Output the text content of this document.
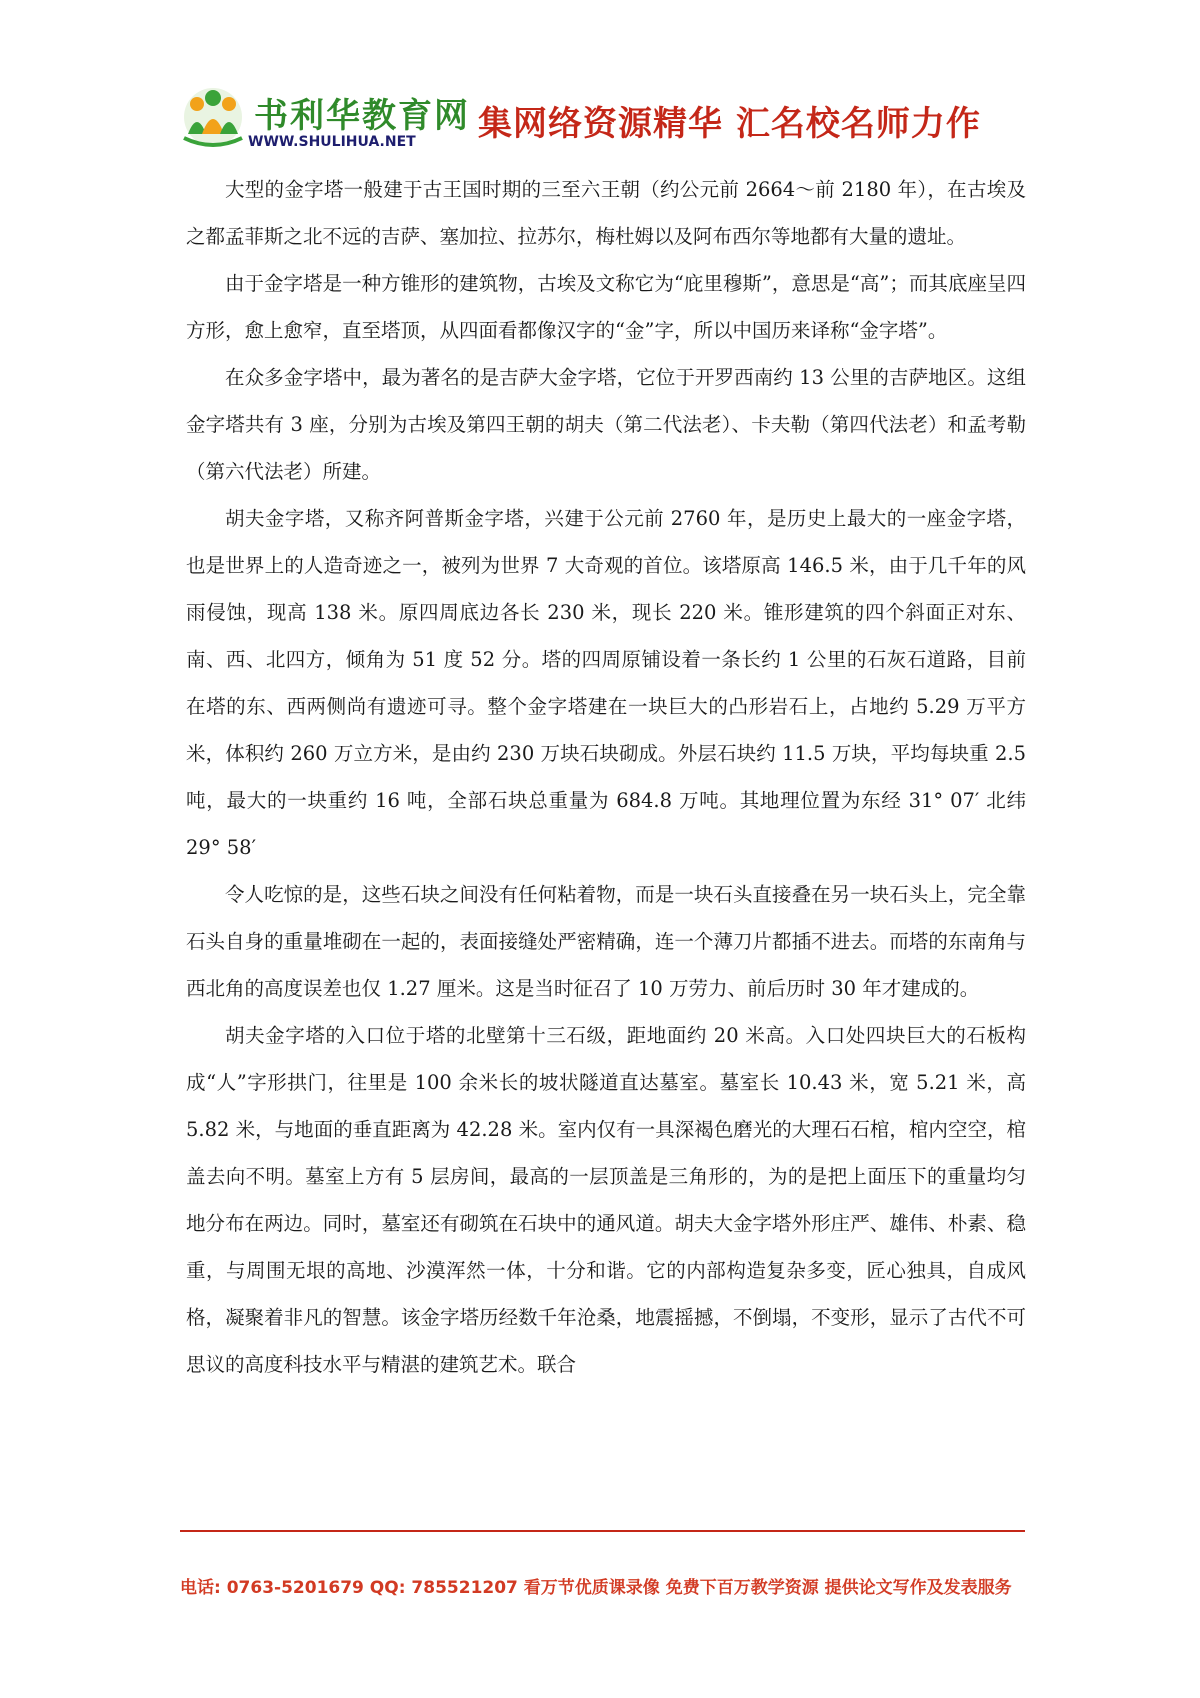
书利华教育网
WWW.SHULIHUA.NET 集网络资源精华 汇名校名师力作

大型的金字塔一般建于古王国时期的三至六王朝（约公元前 2664～前 2180 年），在古埃及之都孟菲斯之北不远的吉萨、塞加拉、拉苏尔，梅杜姆以及阿布西尔等地都有大量的遗址。

由于金字塔是一种方锥形的建筑物，古埃及文称它为“庇里穆斯”，意思是“高”；而其底座呈四方形，愈上愈窄，直至塔顶，从四面看都像汉字的“金”字，所以中国历来译称“金字塔”。

在众多金字塔中，最为著名的是吉萨大金字塔，它位于开罗西南约 13 公里的吉萨地区。这组金字塔共有 3 座，分别为古埃及第四王朝的胡夫（第二代法老）、卡夫勒（第四代法老）和孟考勒（第六代法老）所建。

胡夫金字塔，又称齐阿普斯金字塔，兴建于公元前 2760 年，是历史上最大的一座金字塔，也是世界上的人造奇迹之一，被列为世界 7 大奇观的首位。该塔原高 146.5 米，由于几千年的风雨侵蚀，现高 138 米。原四周底边各长 230 米，现长 220 米。锥形建筑的四个斜面正对东、南、西、北四方，倾角为 51 度 52 分。塔的四周原铺设着一条长约 1 公里的石灰石道路，目前在塔的东、西两侧尚有遗迹可寻。整个金字塔建在一块巨大的凸形岩石上，占地约 5.29 万平方米，体积约 260 万立方米，是由约 230 万块石块砌成。外层石块约 11.5 万块，平均每块重 2.5 吨，最大的一块重约 16 吨，全部石块总重量为 684.8 万吨。其地理位置为东经 31° 07′ 北纬 29° 58′

令人吃惊的是，这些石块之间没有任何粘着物，而是一块石头直接叠在另一块石头上，完全靠石头自身的重量堆砌在一起的，表面接缝处严密精确，连一个薄刀片都插不进去。而塔的东南角与西北角的高度误差也仅 1.27 厘米。这是当时征召了 10 万劳力、前后历时 30 年才建成的。

胡夫金字塔的入口位于塔的北壁第十三石级，距地面约 20 米高。入口处四块巨大的石板构成“人”字形拱门，往里是 100 余米长的坡状隧道直达墓室。墓室长 10.43 米，宽 5.21 米，高 5.82 米，与地面的垂直距离为 42.28 米。室内仅有一具深褐色磨光的大理石石棺，棺内空空，棺盖去向不明。墓室上方有 5 层房间，最高的一层顶盖是三角形的，为的是把上面压下的重量均匀地分布在两边。同时，墓室还有砌筑在石块中的通风道。胡夫大金字塔外形庄严、雄伟、朴素、稳重，与周围无垠的高地、沙漠浑然一体，十分和谐。它的内部构造复杂多变，匠心独具，自成风格，凝聚着非凡的智慧。该金字塔历经数千年沧桑，地震摇撼，不倒塌，不变形，显示了古代不可思议的高度科技水平与精湛的建筑艺术。联合

电话: 0763-5201679 QQ: 785521207 看万节优质课录像 免费下百万教学资源 提供论文写作及发表服务
